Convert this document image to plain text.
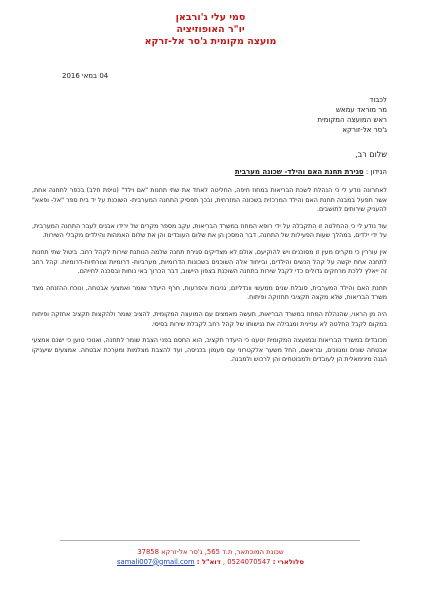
סמי עלי ג'ורבאן
יו"ר האופוזיציה
מועצה מקומית ג'סר אל-זרקא
04 במאי 2016
לכבוד
מר מוראד עמאש
ראש המועצה המקומית
ג'סר אל-זורקא
שלום רב,
הנידון : סגירת תחנת האם והילד- שכונה מערבית

לאחרונה נודע לי כי הנהלת לשכת הבריאות במחוז חיפה, החליטה לאחד את שתי תחנות "אם וילד" (טיפת חלב) בכפר לתחנה אחת, אשר תפעל במבנה תחנת האם והילד המרכזית בשכונה המזרחית, ובכך תפסיק התחנה המערבית- השוכנת על יד בית ספר "אל- ופאא" להעניק שירותים לתושבים.

עוד נודע לי כי ההחלטה זו התקבלה על ידי רופא המחוז במשרד הבריאות, עקב מספר מקרים של ירידו אבנים לעבר התחנה המערבית, על ידי ילדים, במהלך שעות הפעילות של התחנה, דבר המסכן הן את שלום העובדים והן את שלום האמהות והילדים מקבלי השירות.

אין עוררין כי מקרים מעין זו מסוכנים ויש להוקיעם, אולם לא מצדיקים סגירת תחנה שלמה הנותנת שירות לקהל רחב. ביטול שתי תחנות לתחנה אחת יקשה על קהל הנשים והילדים, ובייחוד אלה השוכנים בשכונות הדרומיות, מערביות- דרומיות וצורתיות-דרומיות. קהל רחב זה ייאלץ ללכת מרחקים גדולים כדי לקבל שירות בתחנה השוכנת בצפון היישוב, דבר הכרוך באי נוחות ובסכנה לחייהם.

תחנת האם והילד המערבית, סובלת שנים ממעשי וונדליזם, גניבות והפרעות, חרף היעדר שומר ואמצעי אבטחה, ונוכח ההזנחה מצד משרד הבריאות, שלא מקצה תקציבי תחזוקה ופיתוח.

היה מן הראוי, שהנהלת המחוז במשרד הבריאות, תעשה מאמצים עם המועצה המקומית, להציב שומר ולהקצות תקציב אחזקה ופיתוח במקום לקבל החלטה לא עניינית ומגבילה את נגישותו של קהל רחב לקבלת שירות בסיסי.

מכובדים במשרד הבריאות ובמועצה המקומית יטענו כי היעדר תקציב, הוא החסם בפני הצבת שומר לתחנה, ואנוכי טוען כי ישנם אמצעי אבטחה שונים ומגוונים, ובראשם, החל משער אלקטרוני עם פעמון בכניסה, ועד להצבת מצלמות ומערכת אבטחה. אמצעים שיעניקו הגנה מינימאלית הן לעובדים ולמבוטחים והן לרכוש ולמבנה.

שכונת המוכתאר, ת.ד 565, ג'סר אל-זרקא 37858
סלולארי : 0524070547 , דוא"ל : samali007@gmail.com
